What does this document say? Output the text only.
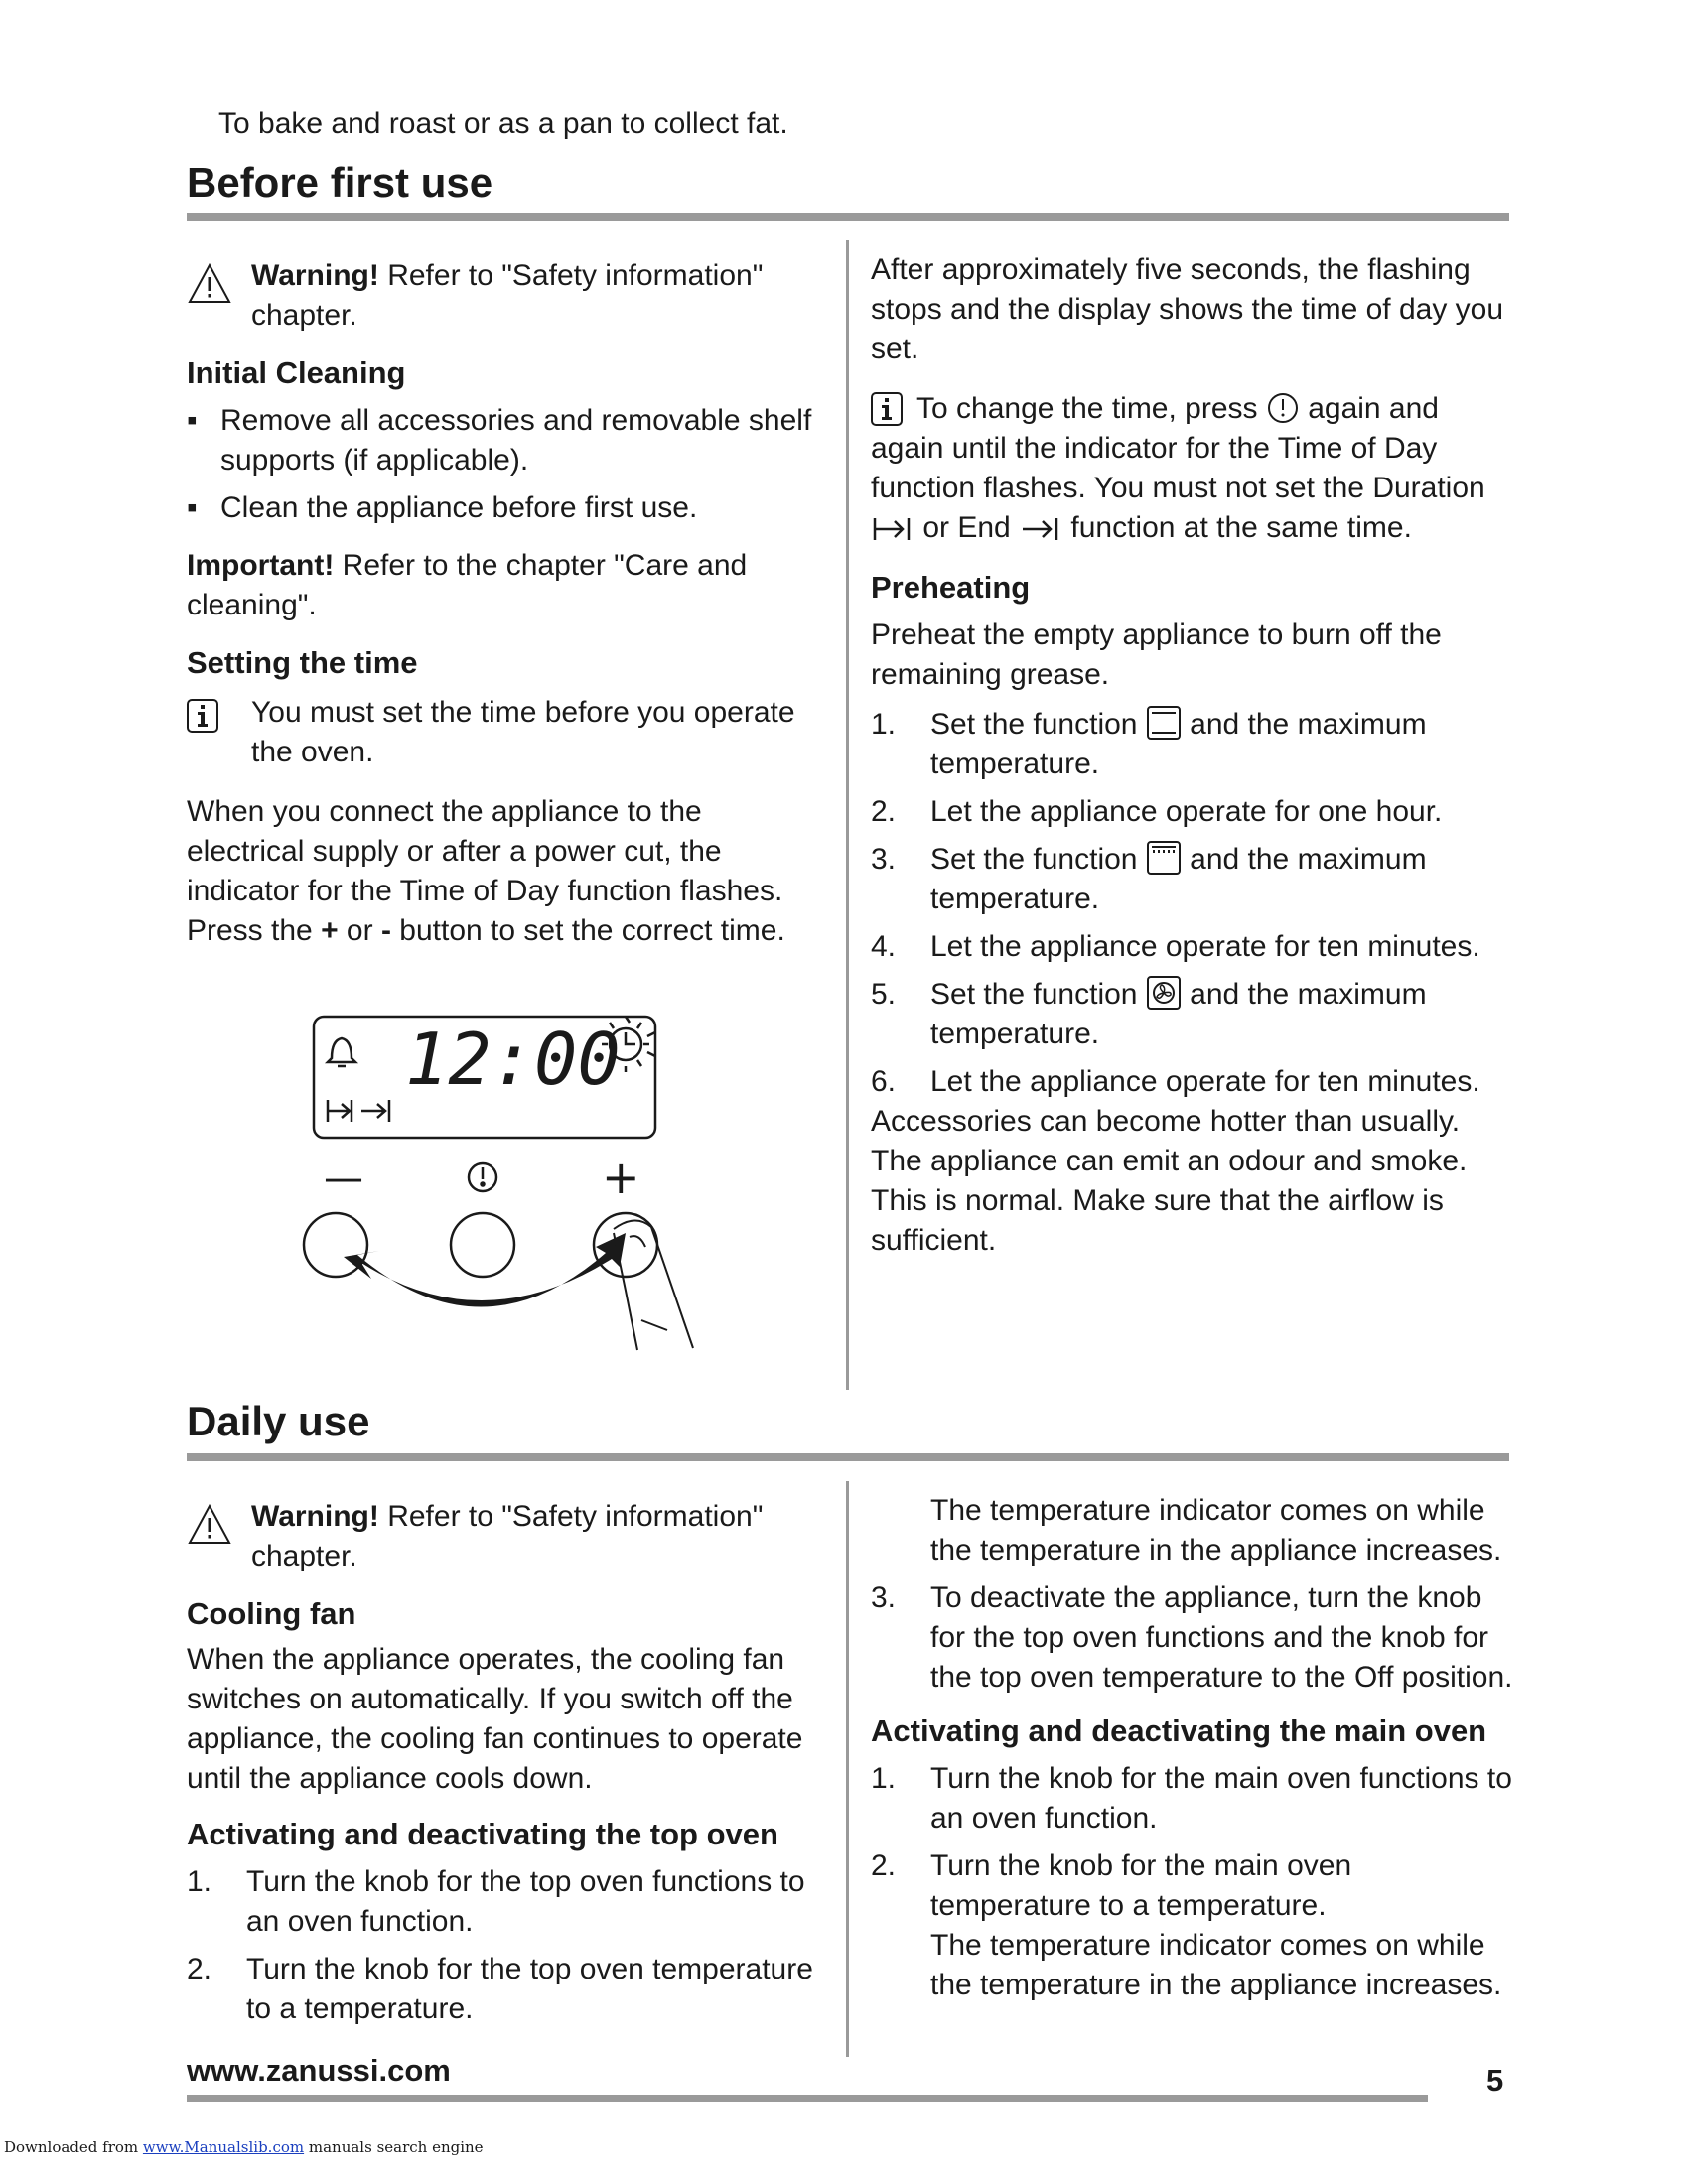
To bake and roast or as a pan to collect fat.
Before first use
Warning! Refer to "Safety information" chapter.
Initial Cleaning
▪ Remove all accessories and removable shelf supports (if applicable).
▪ Clean the appliance before first use.

Important! Refer to the chapter "Care and cleaning".

Setting the time
You must set the time before you operate the oven.

When you connect the appliance to the electrical supply or after a power cut, the indicator for the Time of Day function flashes.

Press the + or - button to set the correct time.

12:00
—	+

After approximately five seconds, the flashing stops and the display shows the time of day you set.

To change the time, press  again and again until the indicator for the Time of Day function flashes. You must not set the Duration  or End  function at the same time.
Preheating

Preheat the empty appliance to burn off the remaining grease.

1. Set the function  and the maximum temperature.
2. Let the appliance operate for one hour.
3. Set the function  and the maximum temperature.
4. Let the appliance operate for ten minutes.
5. Set the function  and the maximum temperature.
6. Let the appliance operate for ten minutes.

Accessories can become hotter than usually. The appliance can emit an odour and smoke. This is normal. Make sure that the airflow is sufficient.

Daily use
Warning! Refer to "Safety information" chapter.
Cooling fan

When the appliance operates, the cooling fan switches on automatically. If you switch off the appliance, the cooling fan continues to operate until the appliance cools down.

Activating and deactivating the top oven
1. Turn the knob for the top oven functions to an oven function.
2. Turn the knob for the top oven temperature to a temperature.

The temperature indicator comes on while the temperature in the appliance increases.

3. To deactivate the appliance, turn the knob for the top oven functions and the knob for the top oven temperature to the Off position.
Activating and deactivating the main oven
1. Turn the knob for the main oven functions to an oven function.
2. Turn the knob for the main oven temperature to a temperature.

The temperature indicator comes on while the temperature in the appliance increases.

www.zanussi.com	5
Downloaded from www.Manualslib.com manuals search engine
